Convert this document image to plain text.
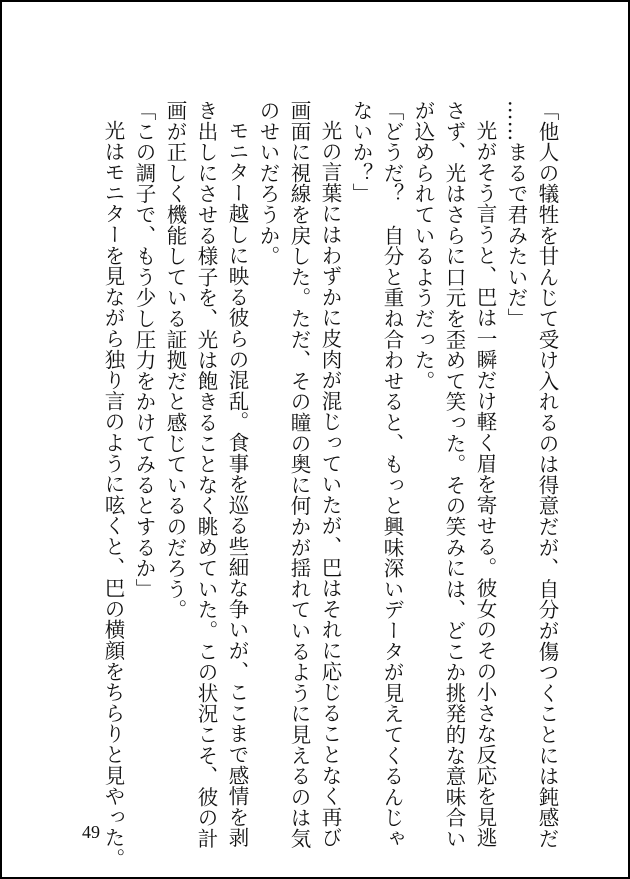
「他人の犠牲を甘んじて受け入れるのは得意だが、自分が傷つくことには鈍感だ
……まるで君みたいだ」
光がそう言うと、巴は一瞬だけ軽く眉を寄せる。彼女のその小さな反応を見逃
さず、光はさらに口元を歪めて笑った。その笑みには、どこか挑発的な意味合い
が込められているようだった。
「どうだ？　自分と重ね合わせると、もっと興味深いデータが見えてくるんじゃ
ないか？」
光の言葉にはわずかに皮肉が混じっていたが、巴はそれに応じることなく再び
画面に視線を戻した。ただ、その瞳の奥に何かが揺れているように見えるのは気
のせいだろうか。
モニター越しに映る彼らの混乱。食事を巡る些細な争いが、ここまで感情を剥
き出しにさせる様子を、光は飽きることなく眺めていた。この状況こそ、彼の計
画が正しく機能している証拠だと感じているのだろう。
「この調子で、もう少し圧力をかけてみるとするか」
光はモニターを見ながら独り言のように呟くと、巴の横顔をちらりと見やった。
49
